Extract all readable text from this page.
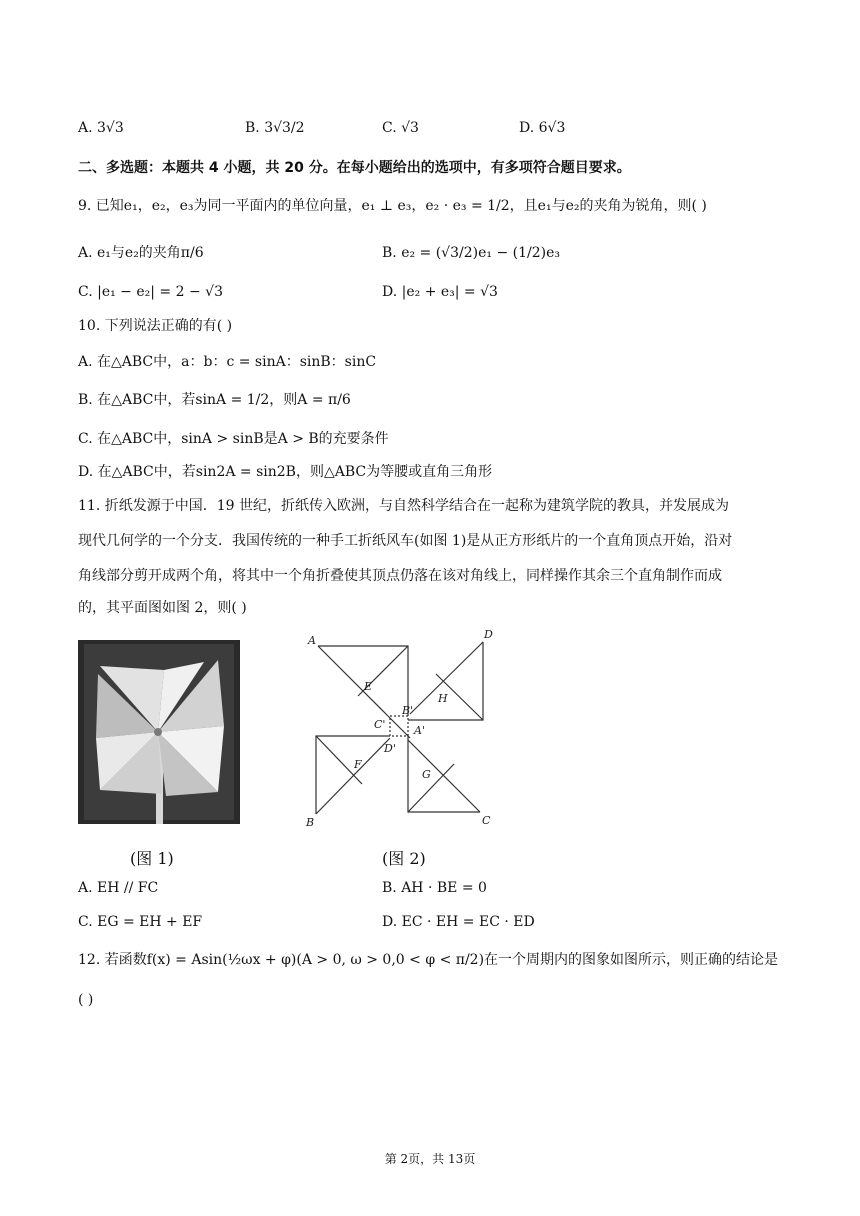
A. 3√3	B. 3√3/2	C. √3	D. 6√3
二、多选题：本题共 4 小题，共 20 分。在每小题给出的选项中，有多项符合题目要求。
9. 已知e₁，e₂，e₃为同一平面内的单位向量，e₁ ⊥ e₃，e₂ · e₃ = 1/2，且e₁与e₂的夹角为锐角，则( )
A. e₁与e₂的夹角π/6	B. e₂ = (√3/2)e₁ − (1/2)e₃
C. |e₁ − e₂| = 2 − √3	D. |e₂ + e₃| = √3
10. 下列说法正确的有( )
A. 在△ABC中，a：b：c = sinA：sinB：sinC
B. 在△ABC中，若sinA = 1/2，则A = π/6
C. 在△ABC中，sinA > sinB是A > B的充要条件
D. 在△ABC中，若sin2A = sin2B，则△ABC为等腰或直角三角形
11. 折纸发源于中国．19 世纪，折纸传入欧洲，与自然科学结合在一起称为建筑学院的教具，并发展成为
现代几何学的一个分支．我国传统的一种手工折纸风车(如图 1)是从正方形纸片的一个直角顶点开始，沿对
角线部分剪开成两个角，将其中一个角折叠使其顶点仍落在该对角线上，同样操作其余三个直角制作而成
的，其平面图如图 2，则( )
(图 1)
A	D
B	C
E
H
F
G
B'
C'	A'
D'
(图 2)
A. EH // FC	B. AH · BE = 0
C. EG = EH + EF	D. EC · EH = EC · ED
12. 若函数f(x) = Asin(½ωx + φ)(A > 0, ω > 0,0 < φ < π/2)在一个周期内的图象如图所示，则正确的结论是
( )
第 2页，共 13页
